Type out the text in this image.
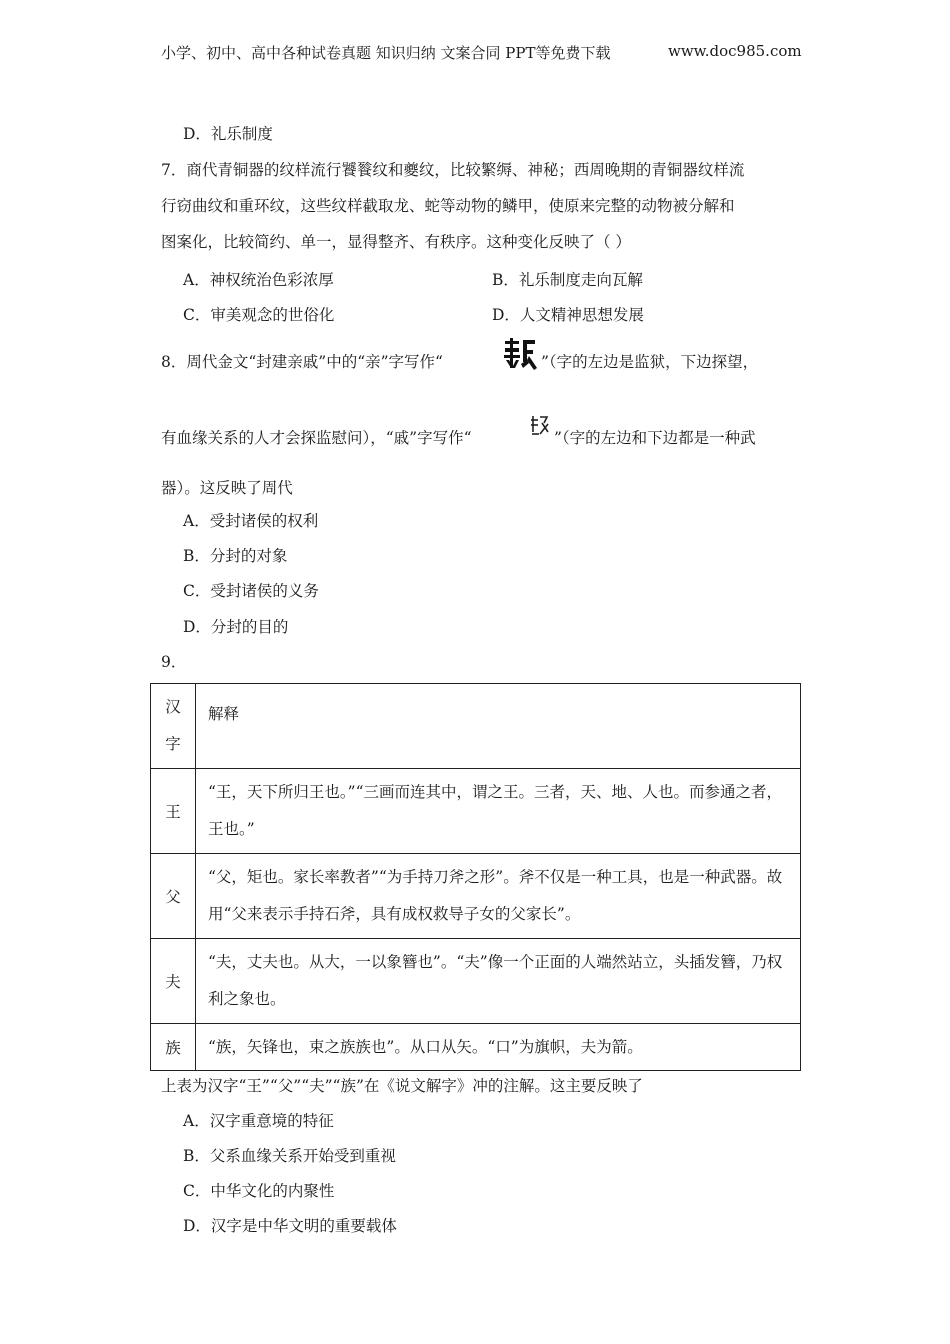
小学、初中、高中各种试卷真题 知识归纳 文案合同 PPT等免费下载	www.doc985.com
D．礼乐制度
7．商代青铜器的纹样流行饕餮纹和夔纹，比较繁缛、神秘；西周晚期的青铜器纹样流
行窃曲纹和重环纹，这些纹样截取龙、蛇等动物的鳞甲，使原来完整的动物被分解和
图案化，比较简约、单一，显得整齐、有秩序。这种变化反映了（ ）
A．神权统治色彩浓厚	B．礼乐制度走向瓦解
C．审美观念的世俗化	D．人文精神思想发展
8．周代金文“封建亲戚”中的“亲”字写作“	”（字的左边是监狱，下边探望，
有血缘关系的人才会探监慰问），“戚”字写作“	”（字的左边和下边都是一种武
器）。这反映了周代
A．受封诸侯的权利
B．分封的对象
C．受封诸侯的义务
D．分封的目的
9．
汉
字	解释
王	“王，天下所归王也。”“三画而连其中，谓之王。三者，天、地、人也。而参通之者，王也。”
父	“父，矩也。家长率教者”“为手持刀斧之形”。斧不仅是一种工具，也是一种武器。故用“父来表示手持石斧，具有成权救导子女的父家长”。
夫	“夫，丈夫也。从大，一以象簪也”。“夫”像一个正面的人端然站立，头插发簪，乃权利之象也。
族	“族，矢锋也，束之族族也”。从口从矢。“口”为旗帜，夫为箭。
上表为汉字“王”“父”“夫”“族”在《说文解字》冲的注解。这主要反映了
A．汉字重意境的特征
B．父系血缘关系开始受到重视
C．中华文化的内聚性
D．汉字是中华文明的重要载体
